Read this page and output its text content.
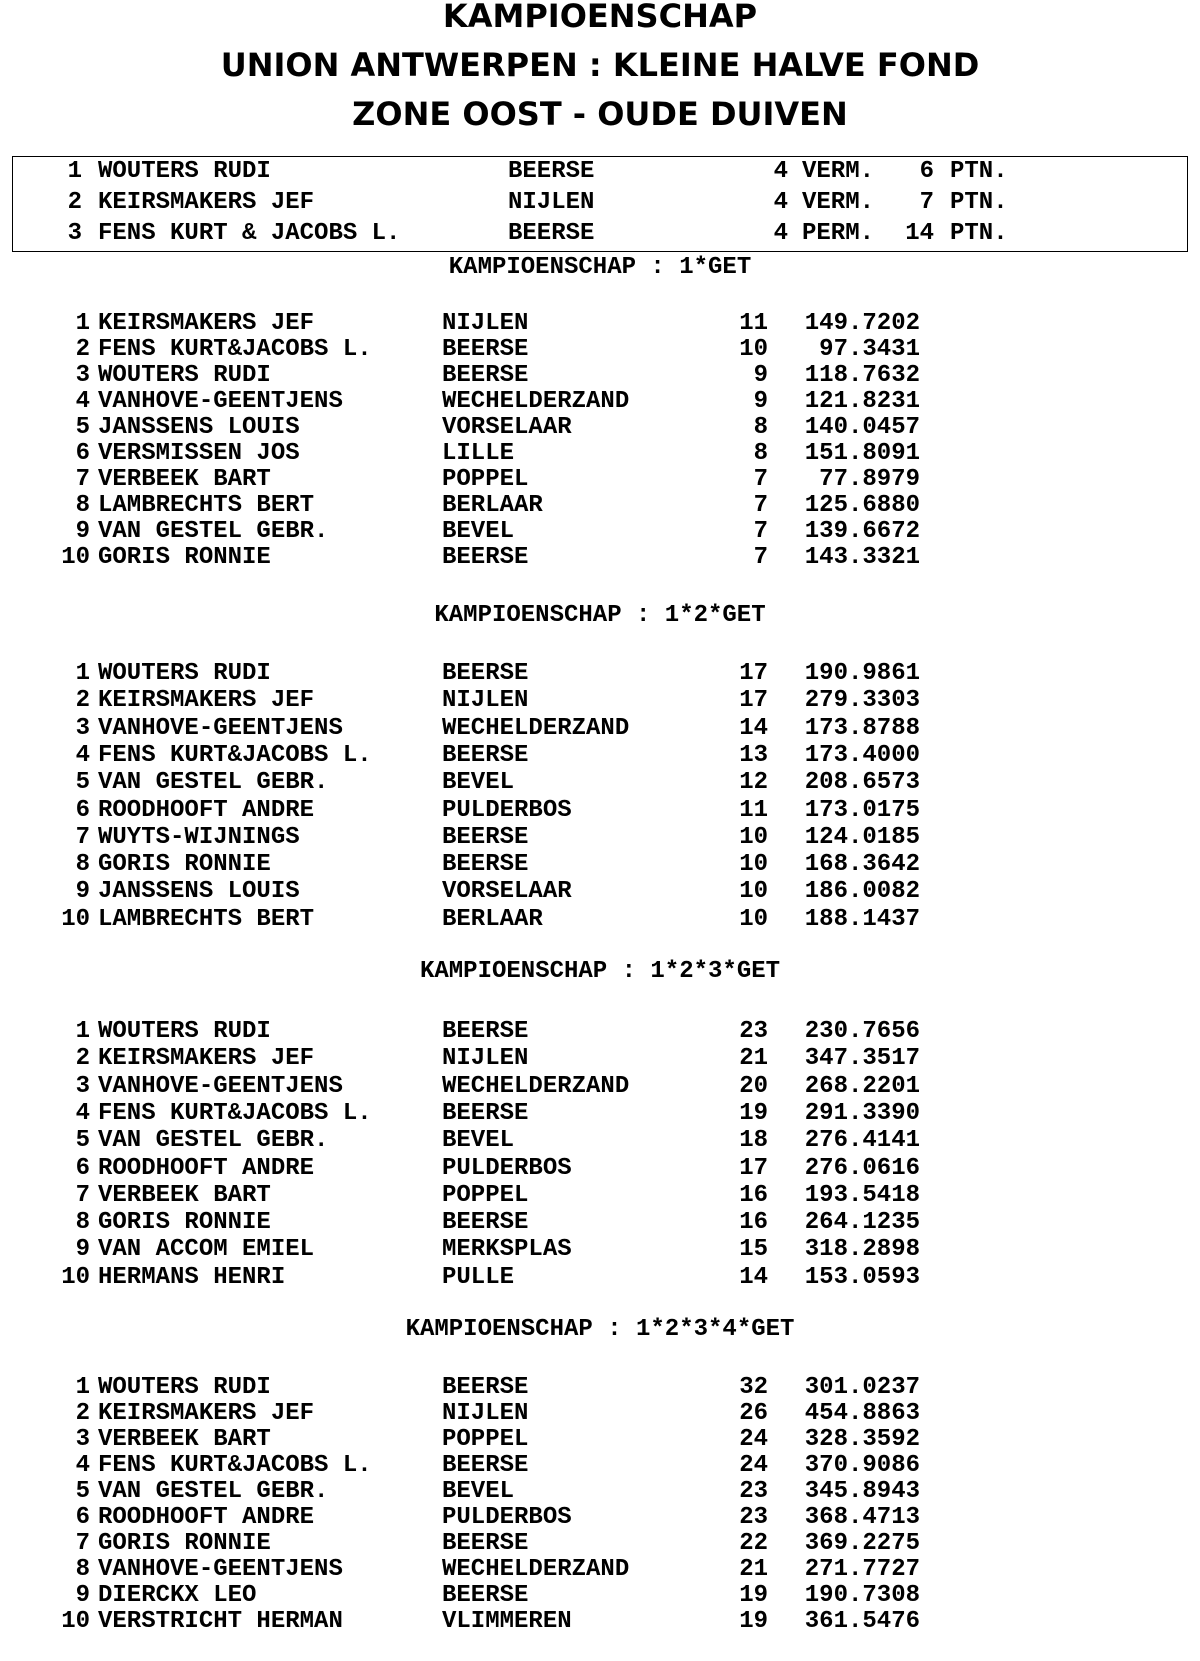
KAMPIOENSCHAP
UNION ANTWERPEN : KLEINE HALVE FOND
ZONE OOST - OUDE DUIVEN
1 WOUTERS RUDI	BEERSE	4 VERM.	6 PTN.
2 KEIRSMAKERS JEF	NIJLEN	4 VERM.	7 PTN.
3 FENS KURT & JACOBS L.	BEERSE	4 PERM.	14 PTN.
KAMPIOENSCHAP : 1*GET
1 KEIRSMAKERS JEF	NIJLEN	11	149.7202
2 FENS KURT&JACOBS L.	BEERSE	10	97.3431
3 WOUTERS RUDI	BEERSE	9	118.7632
4 VANHOVE-GEENTJENS	WECHELDERZAND	9	121.8231
5 JANSSENS LOUIS	VORSELAAR	8	140.0457
6 VERSMISSEN JOS	LILLE	8	151.8091
7 VERBEEK BART	POPPEL	7	77.8979
8 LAMBRECHTS BERT	BERLAAR	7	125.6880
9 VAN GESTEL GEBR.	BEVEL	7	139.6672
10 GORIS RONNIE	BEERSE	7	143.3321
KAMPIOENSCHAP : 1*2*GET
1 WOUTERS RUDI	BEERSE	17	190.9861
2 KEIRSMAKERS JEF	NIJLEN	17	279.3303
3 VANHOVE-GEENTJENS	WECHELDERZAND	14	173.8788
4 FENS KURT&JACOBS L.	BEERSE	13	173.4000
5 VAN GESTEL GEBR.	BEVEL	12	208.6573
6 ROODHOOFT ANDRE	PULDERBOS	11	173.0175
7 WUYTS-WIJNINGS	BEERSE	10	124.0185
8 GORIS RONNIE	BEERSE	10	168.3642
9 JANSSENS LOUIS	VORSELAAR	10	186.0082
10 LAMBRECHTS BERT	BERLAAR	10	188.1437
KAMPIOENSCHAP : 1*2*3*GET
1 WOUTERS RUDI	BEERSE	23	230.7656
2 KEIRSMAKERS JEF	NIJLEN	21	347.3517
3 VANHOVE-GEENTJENS	WECHELDERZAND	20	268.2201
4 FENS KURT&JACOBS L.	BEERSE	19	291.3390
5 VAN GESTEL GEBR.	BEVEL	18	276.4141
6 ROODHOOFT ANDRE	PULDERBOS	17	276.0616
7 VERBEEK BART	POPPEL	16	193.5418
8 GORIS RONNIE	BEERSE	16	264.1235
9 VAN ACCOM EMIEL	MERKSPLAS	15	318.2898
10 HERMANS HENRI	PULLE	14	153.0593
KAMPIOENSCHAP : 1*2*3*4*GET
1 WOUTERS RUDI	BEERSE	32	301.0237
2 KEIRSMAKERS JEF	NIJLEN	26	454.8863
3 VERBEEK BART	POPPEL	24	328.3592
4 FENS KURT&JACOBS L.	BEERSE	24	370.9086
5 VAN GESTEL GEBR.	BEVEL	23	345.8943
6 ROODHOOFT ANDRE	PULDERBOS	23	368.4713
7 GORIS RONNIE	BEERSE	22	369.2275
8 VANHOVE-GEENTJENS	WECHELDERZAND	21	271.7727
9 DIERCKX LEO	BEERSE	19	190.7308
10 VERSTRICHT HERMAN	VLIMMEREN	19	361.5476
